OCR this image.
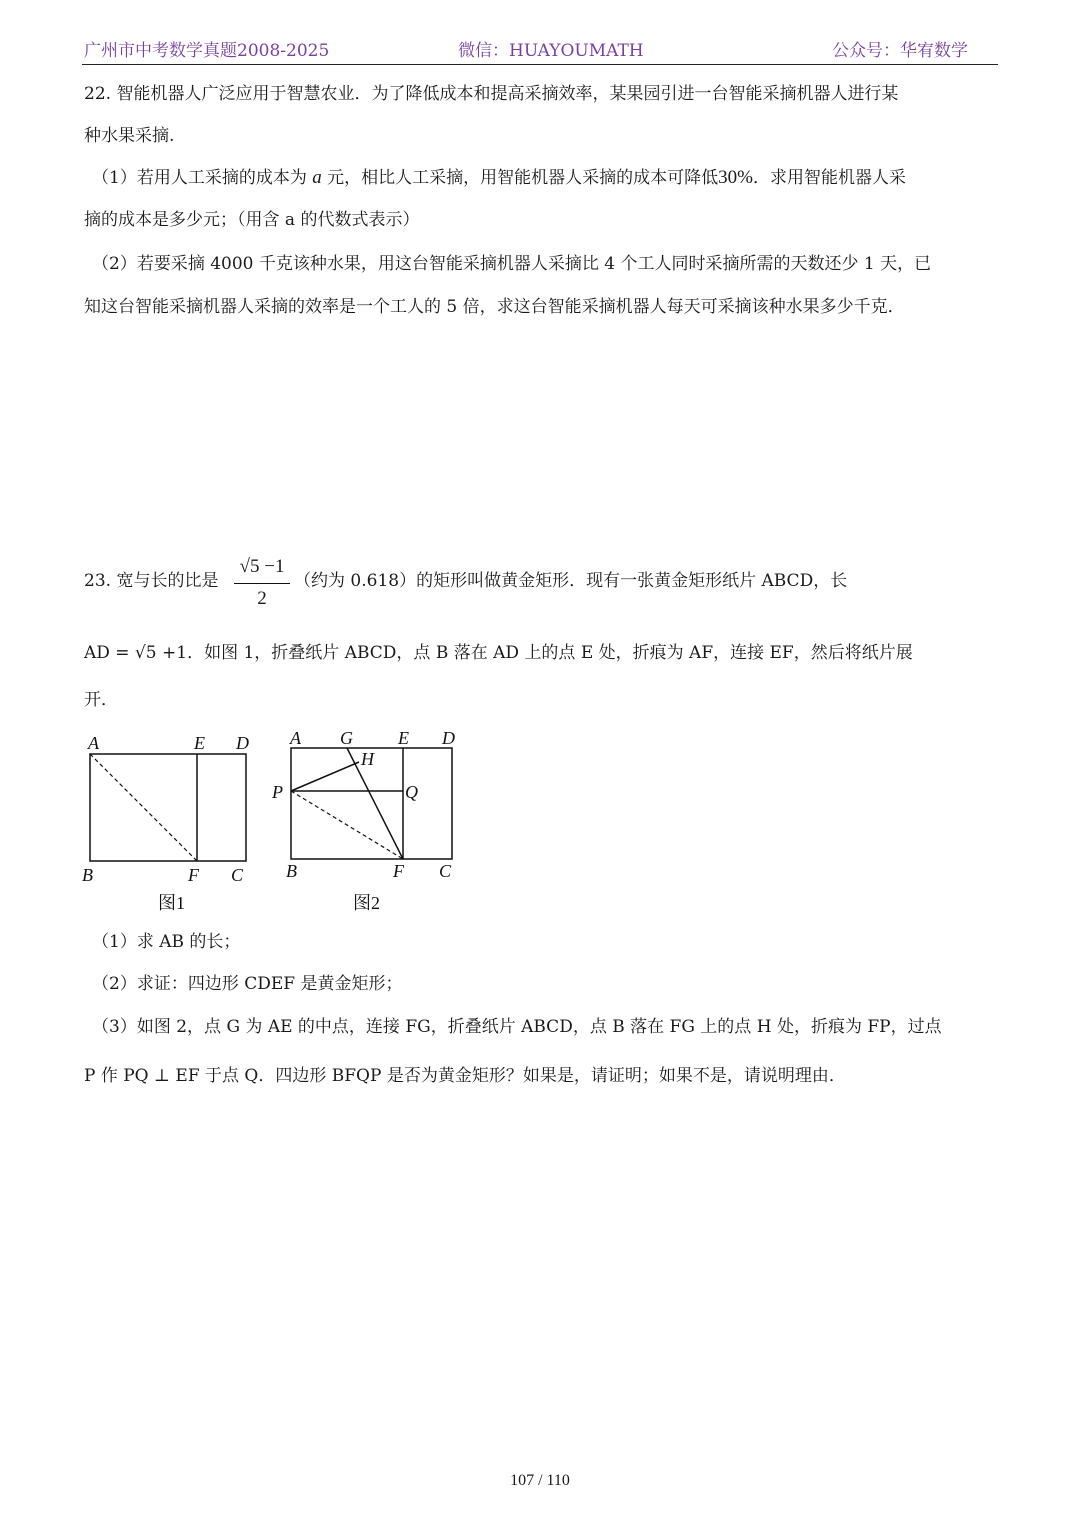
广州市中考数学真题2008-2025	微信：HUAYOUMATH	公众号：华宥数学
22. 智能机器人广泛应用于智慧农业．为了降低成本和提高采摘效率，某果园引进一台智能采摘机器人进行某
种水果采摘.
（1）若用人工采摘的成本为 a 元，相比人工采摘，用智能机器人采摘的成本可降低30%．求用智能机器人采
摘的成本是多少元；（用含 a 的代数式表示）
（2）若要采摘 4000 千克该种水果，用这台智能采摘机器人采摘比 4 个工人同时采摘所需的天数还少 1 天，已
知这台智能采摘机器人采摘的效率是一个工人的 5 倍，求这台智能采摘机器人每天可采摘该种水果多少千克．
23. 宽与长的比是
√5 −1
2
（约为 0.618）的矩形叫做黄金矩形．现有一张黄金矩形纸片 ABCD，长
AD = √5 +1．如图 1，折叠纸片 ABCD，点 B 落在 AD 上的点 E 处，折痕为 AF，连接 EF，然后将纸片展
开．
A	E D
B	F C
图1
A G	E D
H
P	Q
B	F C
图2
（1）求 AB 的长；
（2）求证：四边形 CDEF 是黄金矩形；
（3）如图 2，点 G 为 AE 的中点，连接 FG，折叠纸片 ABCD，点 B 落在 FG 上的点 H 处，折痕为 FP，过点
P 作 PQ ⊥ EF 于点 Q．四边形 BFQP 是否为黄金矩形？如果是，请证明；如果不是，请说明理由．
107 / 110
